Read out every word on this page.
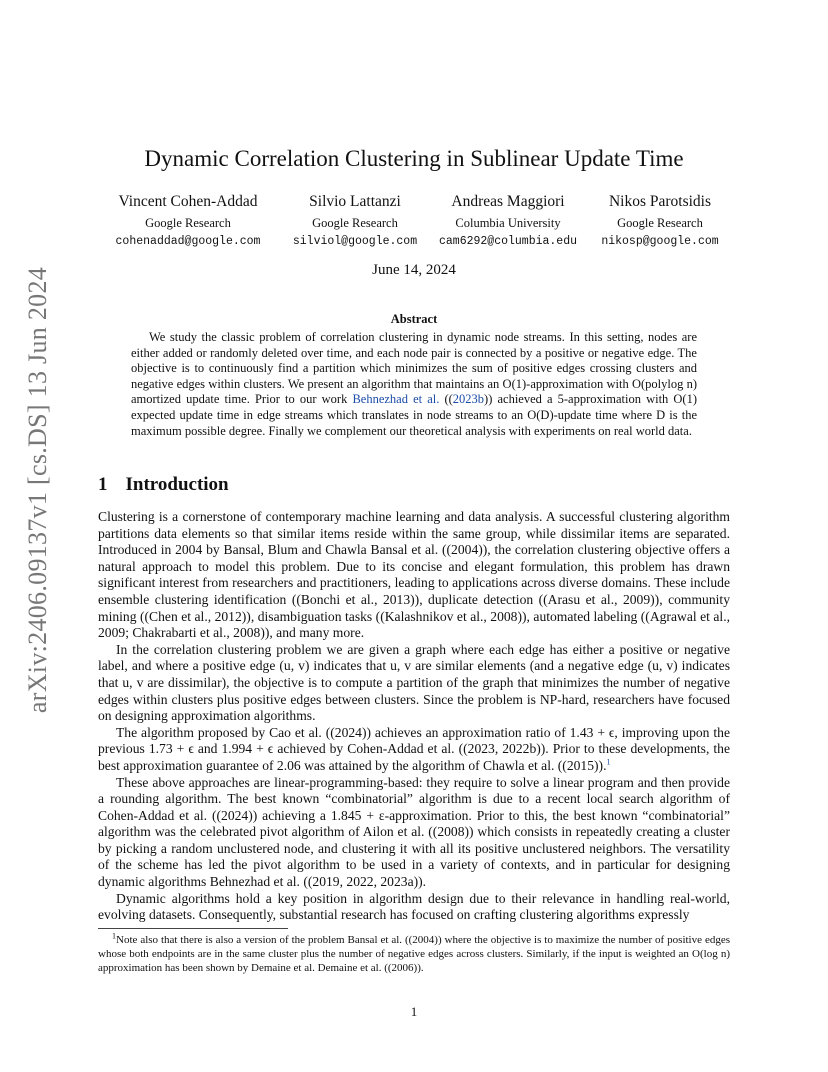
arXiv:2406.09137v1 [cs.DS] 13 Jun 2024
Dynamic Correlation Clustering in Sublinear Update Time
Vincent Cohen-Addad
Google Research
cohenaddad@google.com
Silvio Lattanzi
Google Research
silviol@google.com
Andreas Maggiori
Columbia University
cam6292@columbia.edu
Nikos Parotsidis
Google Research
nikosp@google.com
June 14, 2024
Abstract
We study the classic problem of correlation clustering in dynamic node streams. In this setting, nodes are either added or randomly deleted over time, and each node pair is connected by a positive or negative edge. The objective is to continuously find a partition which minimizes the sum of positive edges crossing clusters and negative edges within clusters. We present an algorithm that maintains an O(1)-approximation with O(polylog n) amortized update time. Prior to our work Behnezhad et al. ((2023b)) achieved a 5-approximation with O(1) expected update time in edge streams which translates in node streams to an O(D)-update time where D is the maximum possible degree. Finally we complement our theoretical analysis with experiments on real world data.
1 Introduction

Clustering is a cornerstone of contemporary machine learning and data analysis. A successful clustering algorithm partitions data elements so that similar items reside within the same group, while dissimilar items are separated. Introduced in 2004 by Bansal, Blum and Chawla Bansal et al. ((2004)), the correlation clustering objective offers a natural approach to model this problem. Due to its concise and elegant formulation, this problem has drawn significant interest from researchers and practitioners, leading to applications across diverse domains. These include ensemble clustering identification ((Bonchi et al., 2013)), duplicate detection ((Arasu et al., 2009)), community mining ((Chen et al., 2012)), disambiguation tasks ((Kalashnikov et al., 2008)), automated labeling ((Agrawal et al., 2009; Chakrabarti et al., 2008)), and many more.

In the correlation clustering problem we are given a graph where each edge has either a positive or negative label, and where a positive edge (u, v) indicates that u, v are similar elements (and a negative edge (u, v) indicates that u, v are dissimilar), the objective is to compute a partition of the graph that minimizes the number of negative edges within clusters plus positive edges between clusters. Since the problem is NP-hard, researchers have focused on designing approximation algorithms.

The algorithm proposed by Cao et al. ((2024)) achieves an approximation ratio of 1.43 + ϵ, improving upon the previous 1.73 + ϵ and 1.994 + ϵ achieved by Cohen-Addad et al. ((2023, 2022b)). Prior to these developments, the best approximation guarantee of 2.06 was attained by the algorithm of Chawla et al. ((2015)).$^1$

These above approaches are linear-programming-based: they require to solve a linear program and then provide a rounding algorithm. The best known “combinatorial” algorithm is due to a recent local search algorithm of Cohen-Addad et al. ((2024)) achieving a 1.845 + ε-approximation. Prior to this, the best known “combinatorial” algorithm was the celebrated pivot algorithm of Ailon et al. ((2008)) which consists in repeatedly creating a cluster by picking a random unclustered node, and clustering it with all its positive unclustered neighbors. The versatility of the scheme has led the pivot algorithm to be used in a variety of contexts, and in particular for designing dynamic algorithms Behnezhad et al. ((2019, 2022, 2023a)).

Dynamic algorithms hold a key position in algorithm design due to their relevance in handling real-world, evolving datasets. Consequently, substantial research has focused on crafting clustering algorithms expressly

$^1$Note also that there is also a version of the problem Bansal et al. ((2004)) where the objective is to maximize the number of positive edges whose both endpoints are in the same cluster plus the number of negative edges across clusters. Similarly, if the input is weighted an O(log n) approximation has been shown by Demaine et al. Demaine et al. ((2006)).
1
